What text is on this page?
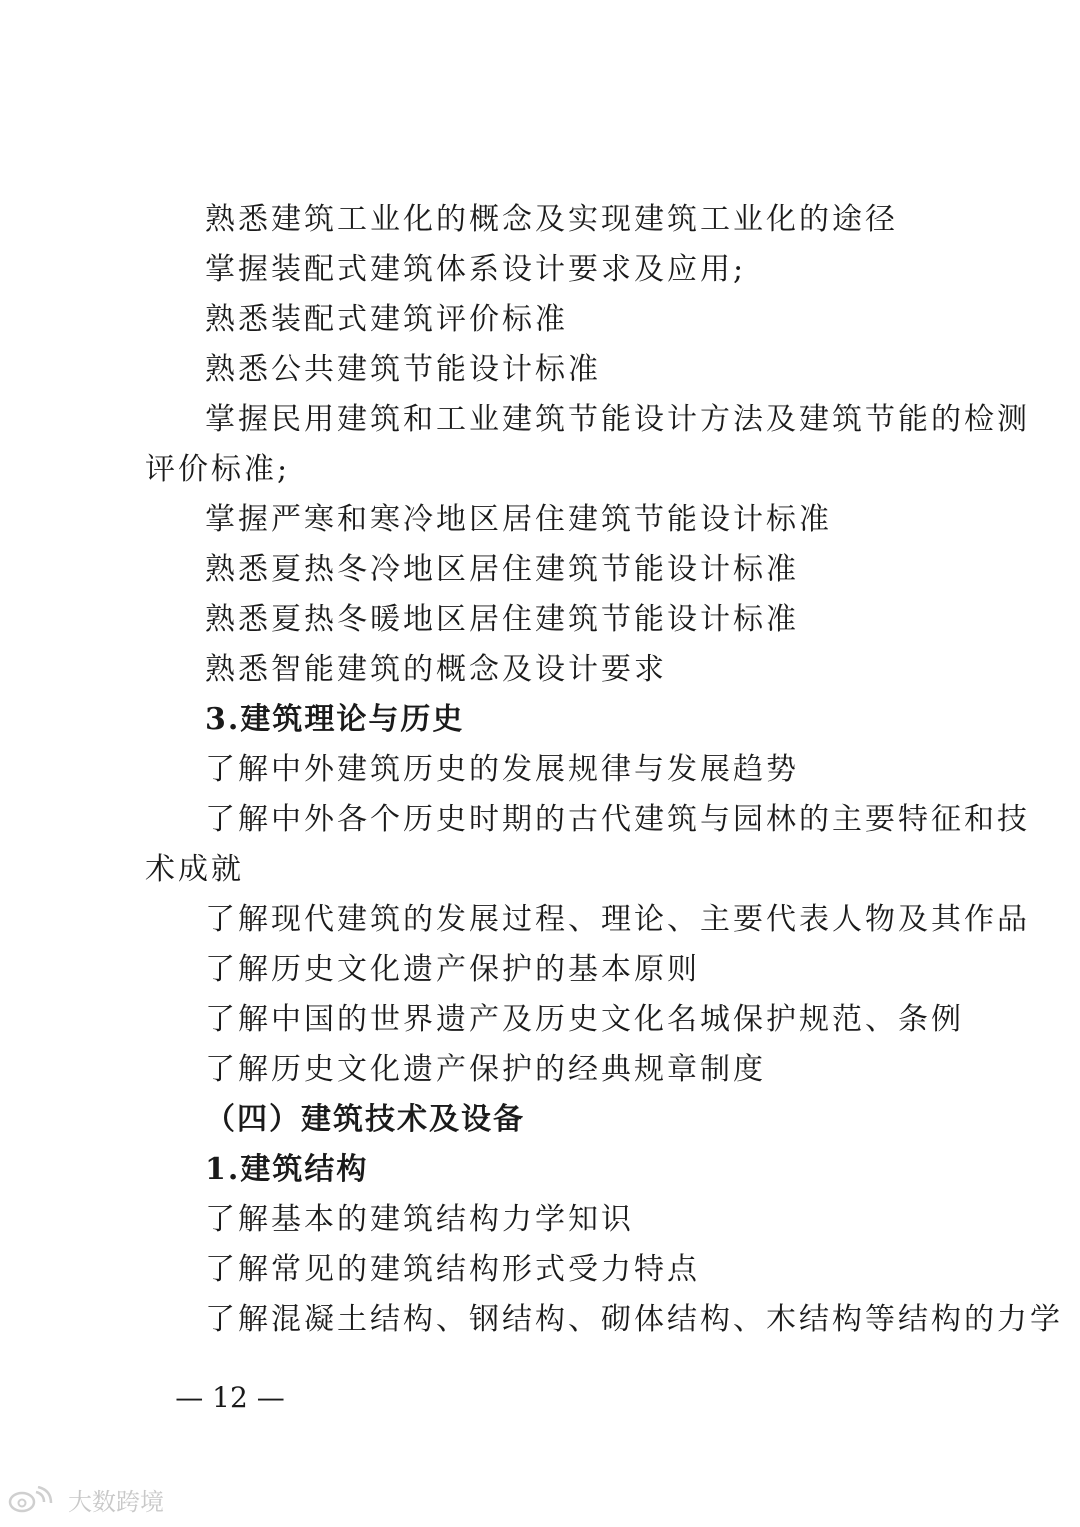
熟悉建筑工业化的概念及实现建筑工业化的途径
掌握装配式建筑体系设计要求及应用;
熟悉装配式建筑评价标准
熟悉公共建筑节能设计标准
掌握民用建筑和工业建筑节能设计方法及建筑节能的检测
评价标准;
掌握严寒和寒冷地区居住建筑节能设计标准
熟悉夏热冬冷地区居住建筑节能设计标准
熟悉夏热冬暖地区居住建筑节能设计标准
熟悉智能建筑的概念及设计要求
3.建筑理论与历史
了解中外建筑历史的发展规律与发展趋势
了解中外各个历史时期的古代建筑与园林的主要特征和技
术成就
了解现代建筑的发展过程、理论、主要代表人物及其作品
了解历史文化遗产保护的基本原则
了解中国的世界遗产及历史文化名城保护规范、条例
了解历史文化遗产保护的经典规章制度
（四）建筑技术及设备
1.建筑结构
了解基本的建筑结构力学知识
了解常见的建筑结构形式受力特点
了解混凝土结构、钢结构、砌体结构、木结构等结构的力学
— 12 —
大数跨境
